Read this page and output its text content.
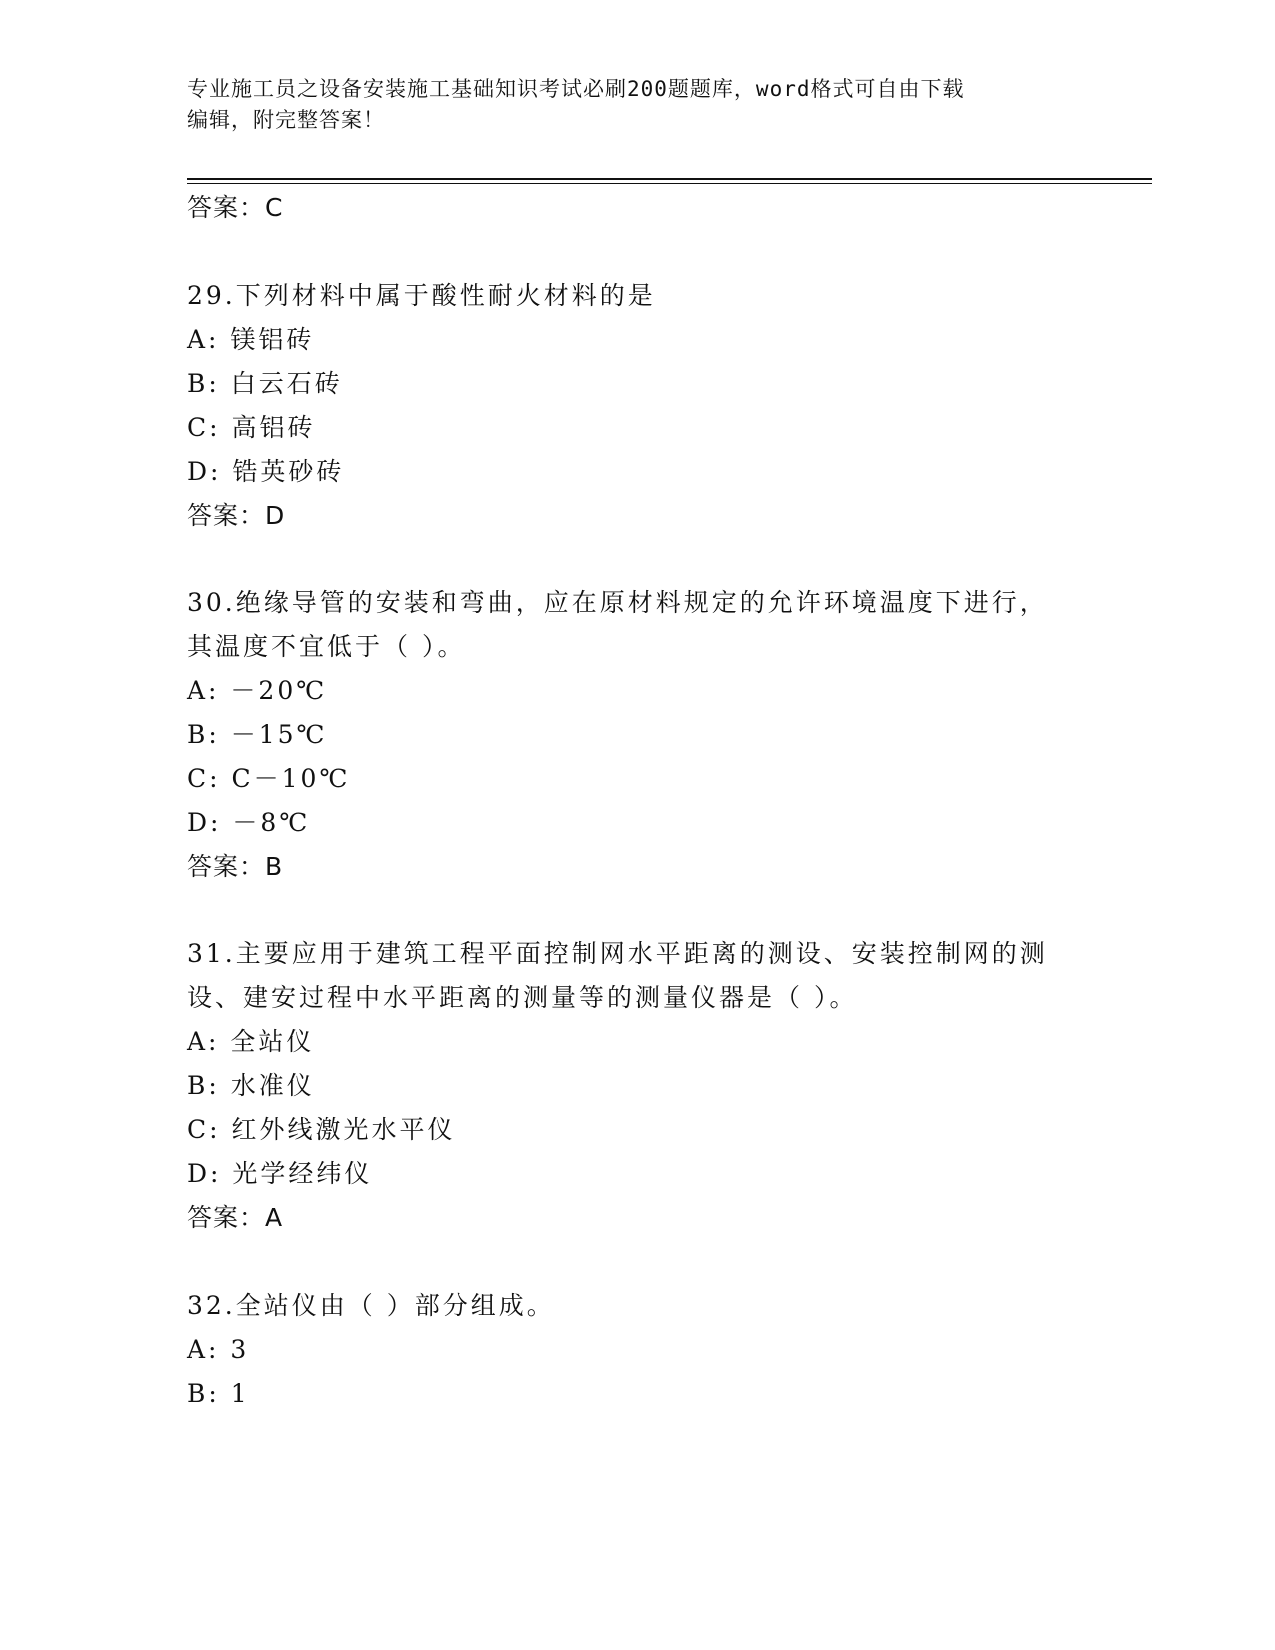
专业施工员之设备安装施工基础知识考试必刷200题题库，word格式可自由下载
编辑，附完整答案！
答案：C
29.下列材料中属于酸性耐火材料的是
A: 镁铝砖
B: 白云石砖
C: 高铝砖
D: 锆英砂砖
答案：D
30.绝缘导管的安装和弯曲，应在原材料规定的允许环境温度下进行，
其温度不宜低于（ ）。
A: －20℃
B: －15℃
C: C－10℃
D: －8℃
答案：B
31.主要应用于建筑工程平面控制网水平距离的测设、安装控制网的测
设、建安过程中水平距离的测量等的测量仪器是（ ）。
A: 全站仪
B: 水准仪
C: 红外线激光水平仪
D: 光学经纬仪
答案：A
32.全站仪由（ ）部分组成。
A: 3
B: 1
